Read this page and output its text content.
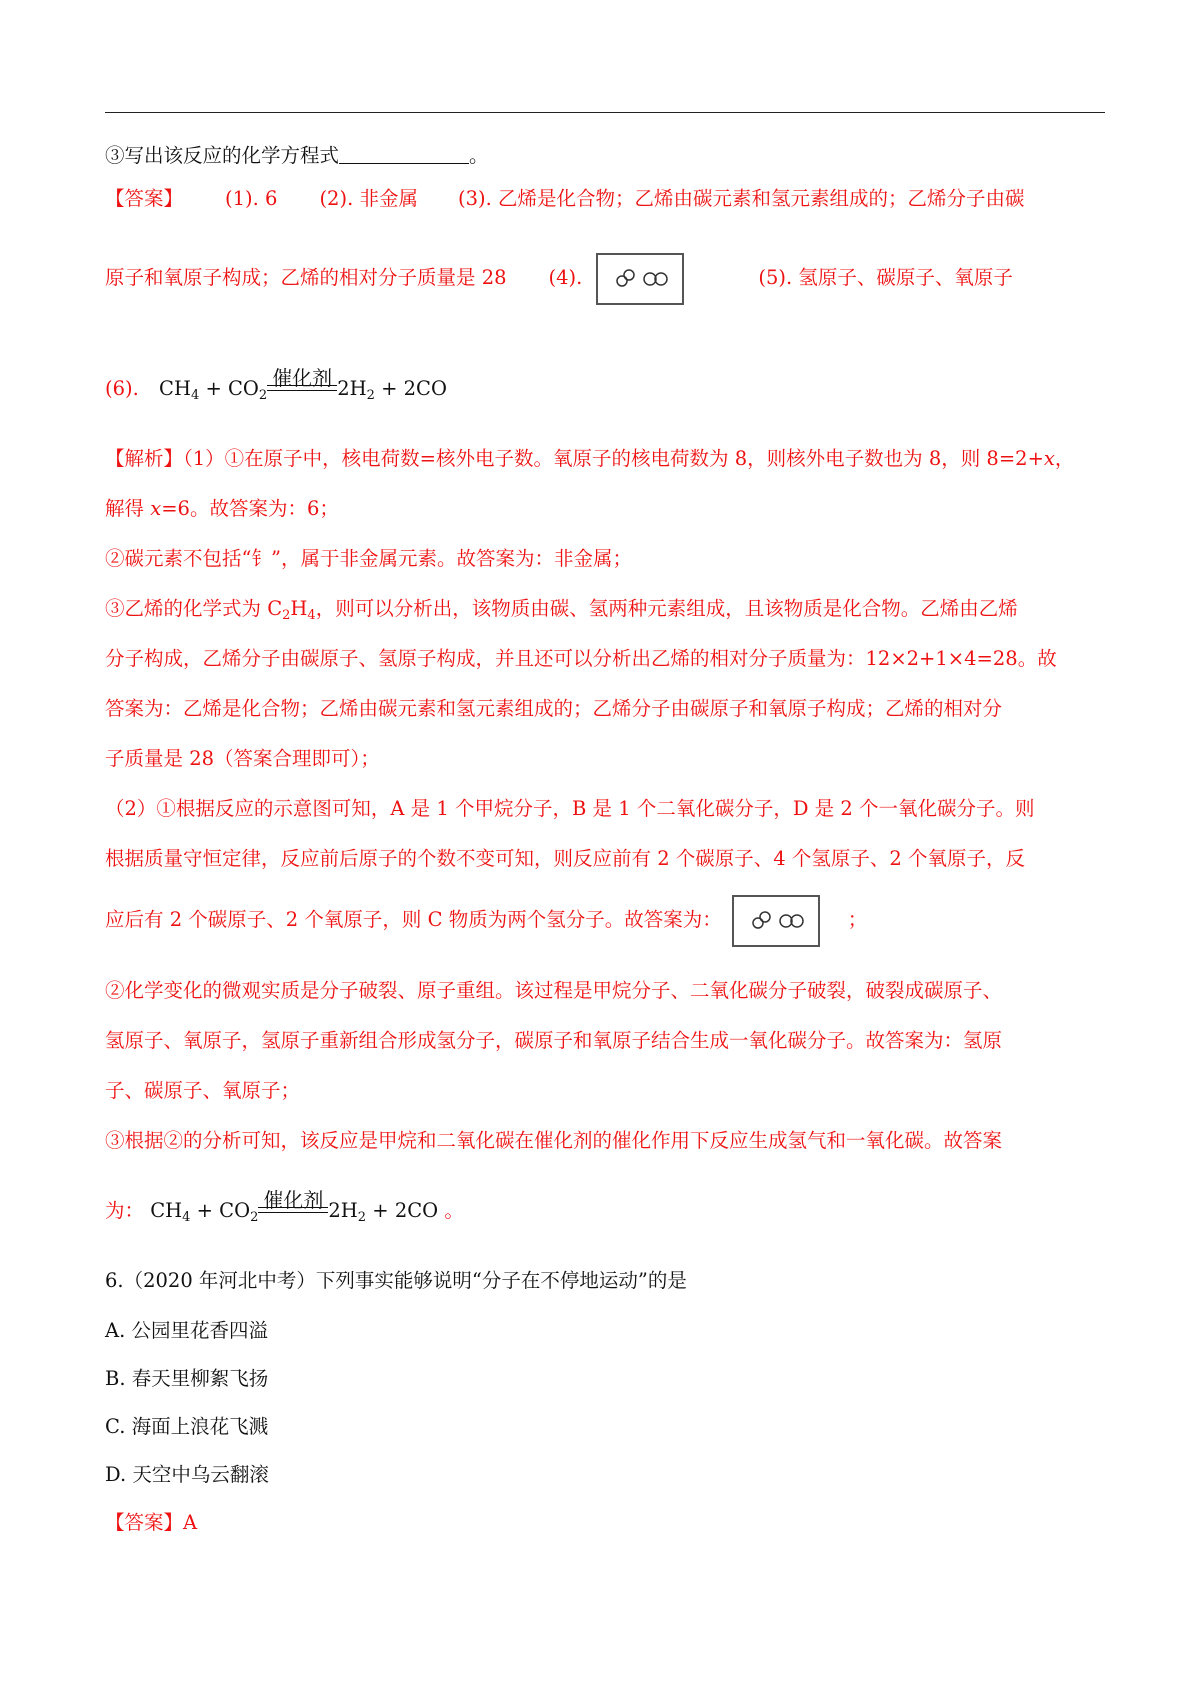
③写出该反应的化学方程式	。
【答案】 (1). 6 (2). 非金属 (3). 乙烯是化合物；乙烯由碳元素和氢元素组成的；乙烯分子由碳
原子和氧原子构成；乙烯的相对分子质量是 28 (4).	(5). 氢原子、碳原子、氧原子
(6). $CH_4 + CO_2$
催化剂 $2H_2 + 2CO$
【解析】（1）①在原子中，核电荷数=核外电子数。氧原子的核电荷数为 8，则核外电子数也为 8，则 8=2+x，
解得 x=6。故答案为：6；
②碳元素不包括“钅”，属于非金属元素。故答案为：非金属；
③乙烯的化学式为 $C_2H_4$，则可以分析出，该物质由碳、氢两种元素组成，且该物质是化合物。乙烯由乙烯
分子构成，乙烯分子由碳原子、氢原子构成，并且还可以分析出乙烯的相对分子质量为：12×2+1×4=28。故
答案为：乙烯是化合物；乙烯由碳元素和氢元素组成的；乙烯分子由碳原子和氧原子构成；乙烯的相对分
子质量是 28（答案合理即可）；
（2）①根据反应的示意图可知，A 是 1 个甲烷分子，B 是 1 个二氧化碳分子，D 是 2 个一氧化碳分子。则
根据质量守恒定律，反应前后原子的个数不变可知，则反应前有 2 个碳原子、4 个氢原子、2 个氧原子，反
应后有 2 个碳原子、2 个氧原子，则 C 物质为两个氢分子。故答案为：	；
②化学变化的微观实质是分子破裂、原子重组。该过程是甲烷分子、二氧化碳分子破裂，破裂成碳原子、
氢原子、氧原子，氢原子重新组合形成氢分子，碳原子和氧原子结合生成一氧化碳分子。故答案为：氢原
子、碳原子、氧原子；
③根据②的分析可知，该反应是甲烷和二氧化碳在催化剂的催化作用下反应生成氢气和一氧化碳。故答案
为： $CH_4 + CO_2$
催化剂 $2H_2 + 2CO$ 。
6.（2020 年河北中考）下列事实能够说明“分子在不停地运动”的是
A. 公园里花香四溢
B. 春天里柳絮飞扬
C. 海面上浪花飞溅
D. 天空中乌云翻滚
【答案】A
